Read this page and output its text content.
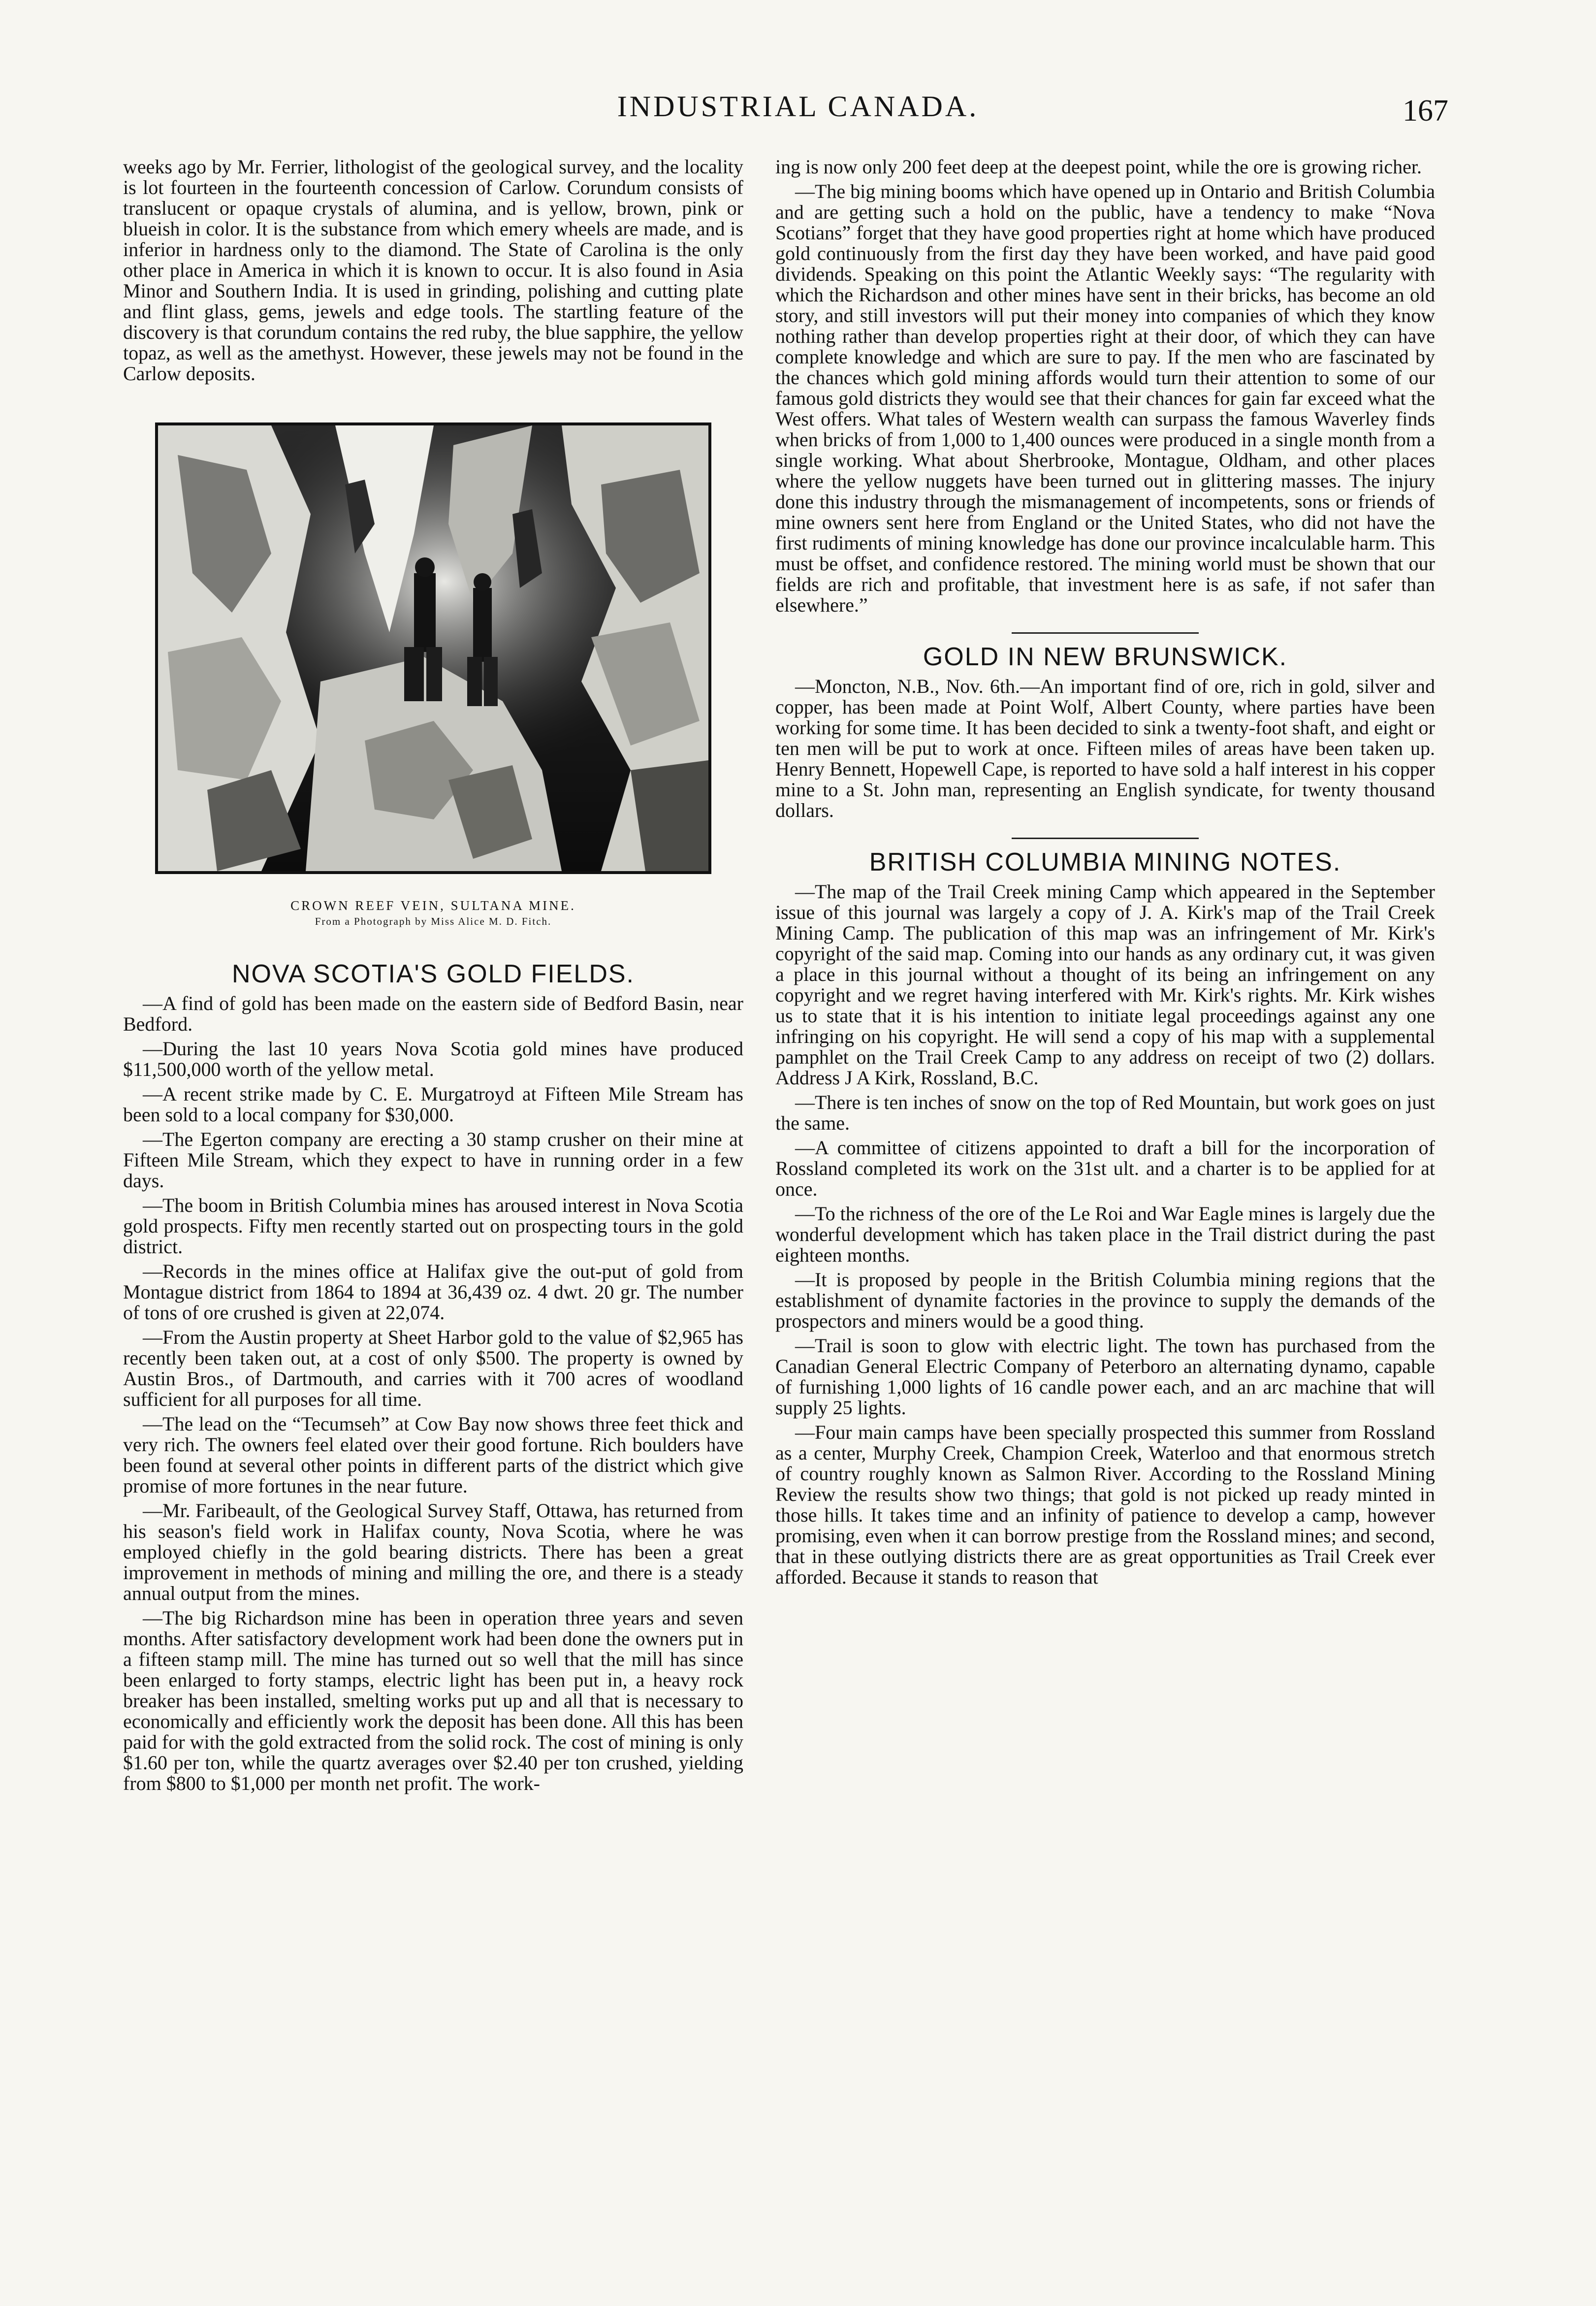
INDUSTRIAL CANADA.	167

weeks ago by Mr. Ferrier, lithologist of the geological survey, and the locality is lot fourteen in the fourteenth concession of Carlow. Corundum consists of translucent or opaque crystals of alumina, and is yellow, brown, pink or blueish in color. It is the substance from which emery wheels are made, and is inferior in hardness only to the diamond. The State of Carolina is the only other place in America in which it is known to occur. It is also found in Asia Minor and Southern India. It is used in grinding, polishing and cutting plate and flint glass, gems, jewels and edge tools. The startling feature of the discovery is that corundum contains the red ruby, the blue sapphire, the yellow topaz, as well as the amethyst. However, these jewels may not be found in the Carlow deposits.

CROWN REEF VEIN, SULTANA MINE.
From a Photograph by Miss Alice M. D. Fitch.
NOVA SCOTIA'S GOLD FIELDS.

—A find of gold has been made on the eastern side of Bedford Basin, near Bedford.

—During the last 10 years Nova Scotia gold mines have produced $11,500,000 worth of the yellow metal.

—A recent strike made by C. E. Murgatroyd at Fifteen Mile Stream has been sold to a local company for $30,000.

—The Egerton company are erecting a 30 stamp crusher on their mine at Fifteen Mile Stream, which they expect to have in running order in a few days.

—The boom in British Columbia mines has aroused interest in Nova Scotia gold prospects. Fifty men recently started out on prospecting tours in the gold district.

—Records in the mines office at Halifax give the out-put of gold from Montague district from 1864 to 1894 at 36,439 oz. 4 dwt. 20 gr. The number of tons of ore crushed is given at 22,074.

—From the Austin property at Sheet Harbor gold to the value of $2,965 has recently been taken out, at a cost of only $500. The property is owned by Austin Bros., of Dartmouth, and carries with it 700 acres of woodland sufficient for all purposes for all time.

—The lead on the “Tecumseh” at Cow Bay now shows three feet thick and very rich. The owners feel elated over their good fortune. Rich boulders have been found at several other points in different parts of the district which give promise of more fortunes in the near future.

—Mr. Faribeault, of the Geological Survey Staff, Ottawa, has returned from his season's field work in Halifax county, Nova Scotia, where he was employed chiefly in the gold bearing districts. There has been a great improvement in methods of mining and milling the ore, and there is a steady annual output from the mines.

—The big Richardson mine has been in operation three years and seven months. After satisfactory development work had been done the owners put in a fifteen stamp mill. The mine has turned out so well that the mill has since been enlarged to forty stamps, electric light has been put in, a heavy rock breaker has been installed, smelting works put up and all that is necessary to economically and efficiently work the deposit has been done. All this has been paid for with the gold extracted from the solid rock. The cost of mining is only $1.60 per ton, while the quartz averages over $2.40 per ton crushed, yielding from $800 to $1,000 per month net profit. The work-

ing is now only 200 feet deep at the deepest point, while the ore is growing richer.

—The big mining booms which have opened up in Ontario and British Columbia and are getting such a hold on the public, have a tendency to make “Nova Scotians” forget that they have good properties right at home which have produced gold continuously from the first day they have been worked, and have paid good dividends. Speaking on this point the Atlantic Weekly says: “The regularity with which the Richardson and other mines have sent in their bricks, has become an old story, and still investors will put their money into companies of which they know nothing rather than develop properties right at their door, of which they can have complete knowledge and which are sure to pay. If the men who are fascinated by the chances which gold mining affords would turn their attention to some of our famous gold districts they would see that their chances for gain far exceed what the West offers. What tales of Western wealth can surpass the famous Waverley finds when bricks of from 1,000 to 1,400 ounces were produced in a single month from a single working. What about Sherbrooke, Montague, Oldham, and other places where the yellow nuggets have been turned out in glittering masses. The injury done this industry through the mismanagement of incompetents, sons or friends of mine owners sent here from England or the United States, who did not have the first rudiments of mining knowledge has done our province incalculable harm. This must be offset, and confidence restored. The mining world must be shown that our fields are rich and profitable, that investment here is as safe, if not safer than elsewhere.”

GOLD IN NEW BRUNSWICK.

—Moncton, N.B., Nov. 6th.—An important find of ore, rich in gold, silver and copper, has been made at Point Wolf, Albert County, where parties have been working for some time. It has been decided to sink a twenty-foot shaft, and eight or ten men will be put to work at once. Fifteen miles of areas have been taken up. Henry Bennett, Hopewell Cape, is reported to have sold a half interest in his copper mine to a St. John man, representing an English syndicate, for twenty thousand dollars.

BRITISH COLUMBIA MINING NOTES.

—The map of the Trail Creek mining Camp which appeared in the September issue of this journal was largely a copy of J. A. Kirk's map of the Trail Creek Mining Camp. The publication of this map was an infringement of Mr. Kirk's copyright of the said map. Coming into our hands as any ordinary cut, it was given a place in this journal without a thought of its being an infringement on any copyright and we regret having interfered with Mr. Kirk's rights. Mr. Kirk wishes us to state that it is his intention to initiate legal proceedings against any one infringing on his copyright. He will send a copy of his map with a supplemental pamphlet on the Trail Creek Camp to any address on receipt of two (2) dollars. Address J A Kirk, Rossland, B.C.

—There is ten inches of snow on the top of Red Mountain, but work goes on just the same.

—A committee of citizens appointed to draft a bill for the incorporation of Rossland completed its work on the 31st ult. and a charter is to be applied for at once.

—To the richness of the ore of the Le Roi and War Eagle mines is largely due the wonderful development which has taken place in the Trail district during the past eighteen months.

—It is proposed by people in the British Columbia mining regions that the establishment of dynamite factories in the province to supply the demands of the prospectors and miners would be a good thing.

—Trail is soon to glow with electric light. The town has purchased from the Canadian General Electric Company of Peterboro an alternating dynamo, capable of furnishing 1,000 lights of 16 candle power each, and an arc machine that will supply 25 lights.

—Four main camps have been specially prospected this summer from Rossland as a center, Murphy Creek, Champion Creek, Waterloo and that enormous stretch of country roughly known as Salmon River. According to the Rossland Mining Review the results show two things; that gold is not picked up ready minted in those hills. It takes time and an infinity of patience to develop a camp, however promising, even when it can borrow prestige from the Rossland mines; and second, that in these outlying districts there are as great opportunities as Trail Creek ever afforded. Because it stands to reason that
